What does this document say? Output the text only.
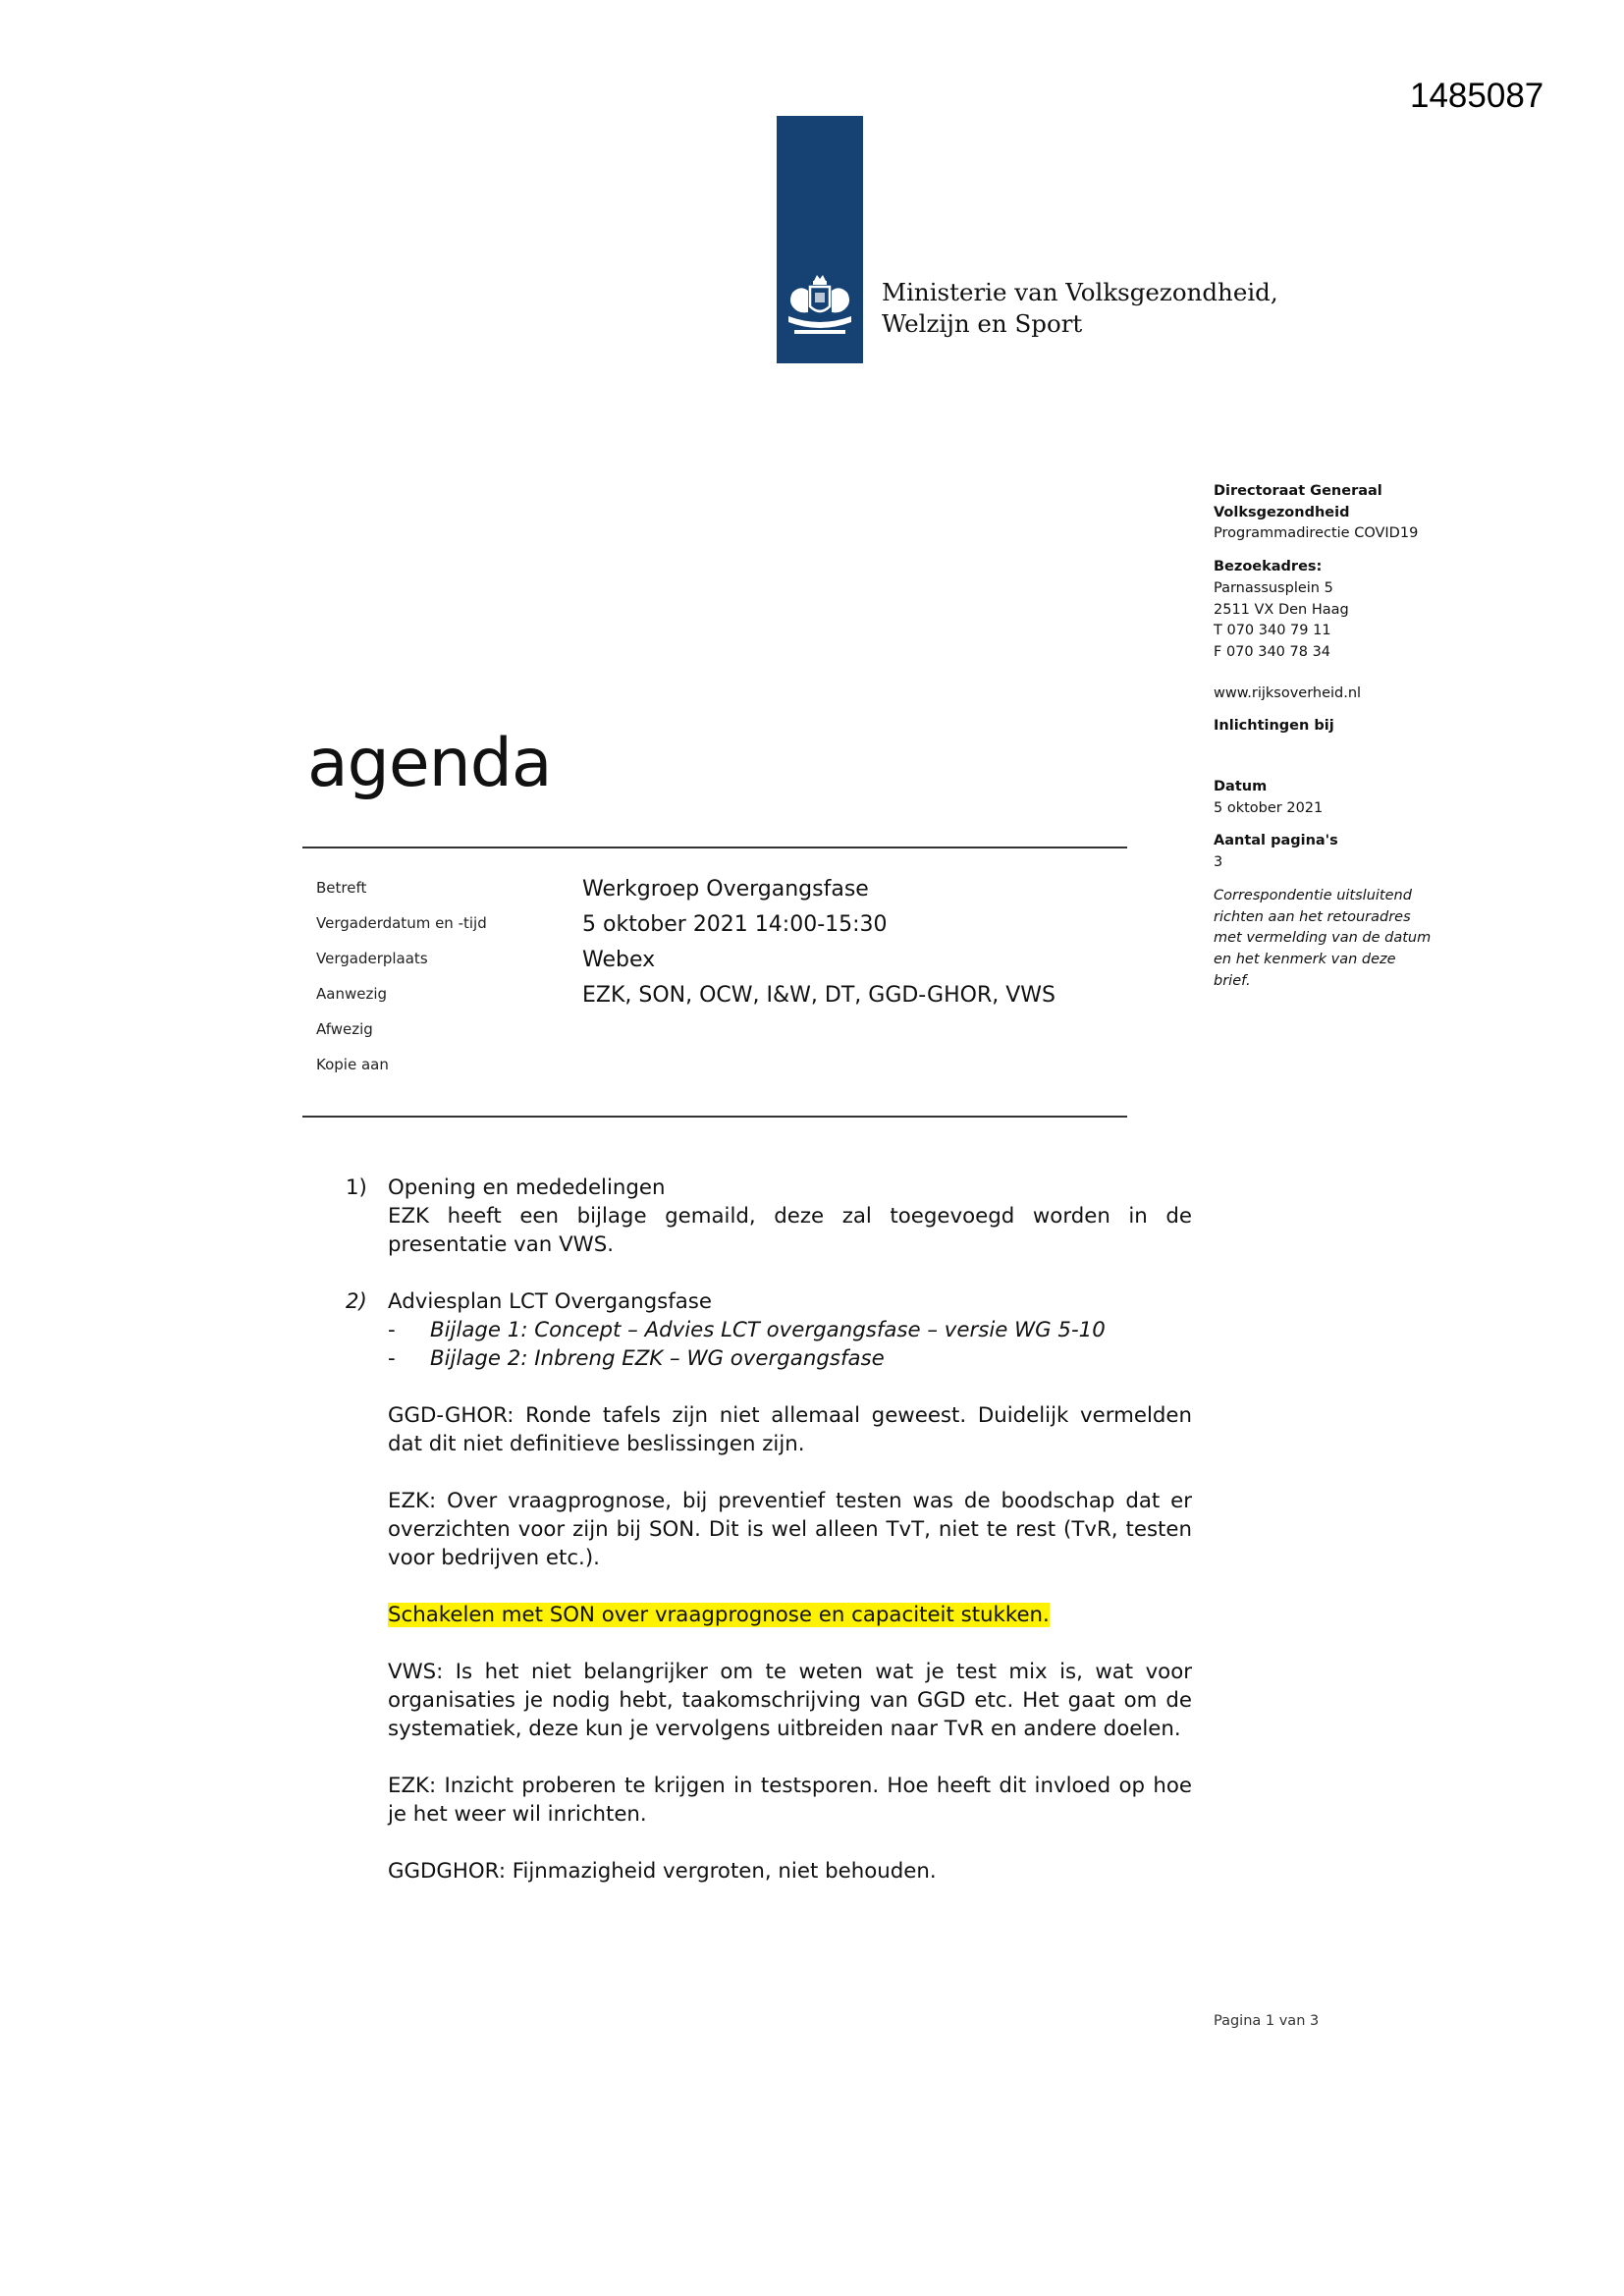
1485087
Ministerie van Volksgezondheid,
Welzijn en Sport
Directoraat Generaal
Volksgezondheid
Programmadirectie COVID19
Bezoekadres:
Parnassusplein 5
2511 VX Den Haag
T 070 340 79 11
F 070 340 78 34
www.rijksoverheid.nl
Inlichtingen bij
Datum
5 oktober 2021
Aantal pagina's
3
Correspondentie uitsluitend
richten aan het retouradres
met vermelding van de datum
en het kenmerk van deze
brief.
agenda
Betreft
Vergaderdatum en -tijd
Vergaderplaats
Aanwezig
Afwezig
Kopie aan
Werkgroep Overgangsfase
5 oktober 2021 14:00-15:30
Webex
EZK, SON, OCW, I&W, DT, GGD-GHOR, VWS
1) Opening en mededelingen
EZK heeft een bijlage gemaild, deze zal toegevoegd worden in de presentatie van VWS.
2) Adviesplan LCT Overgangsfase
-	Bijlage 1: Concept – Advies LCT overgangsfase – versie WG 5-10
-	Bijlage 2: Inbreng EZK – WG overgangsfase
GGD-GHOR: Ronde tafels zijn niet allemaal geweest. Duidelijk vermelden dat dit niet definitieve beslissingen zijn.
EZK: Over vraagprognose, bij preventief testen was de boodschap dat er overzichten voor zijn bij SON. Dit is wel alleen TvT, niet te rest (TvR, testen voor bedrijven etc.).
Schakelen met SON over vraagprognose en capaciteit stukken.
VWS: Is het niet belangrijker om te weten wat je test mix is, wat voor organisaties je nodig hebt, taakomschrijving van GGD etc. Het gaat om de systematiek, deze kun je vervolgens uitbreiden naar TvR en andere doelen.
EZK: Inzicht proberen te krijgen in testsporen. Hoe heeft dit invloed op hoe je het weer wil inrichten.
GGDGHOR: Fijnmazigheid vergroten, niet behouden.
Pagina 1 van 3
